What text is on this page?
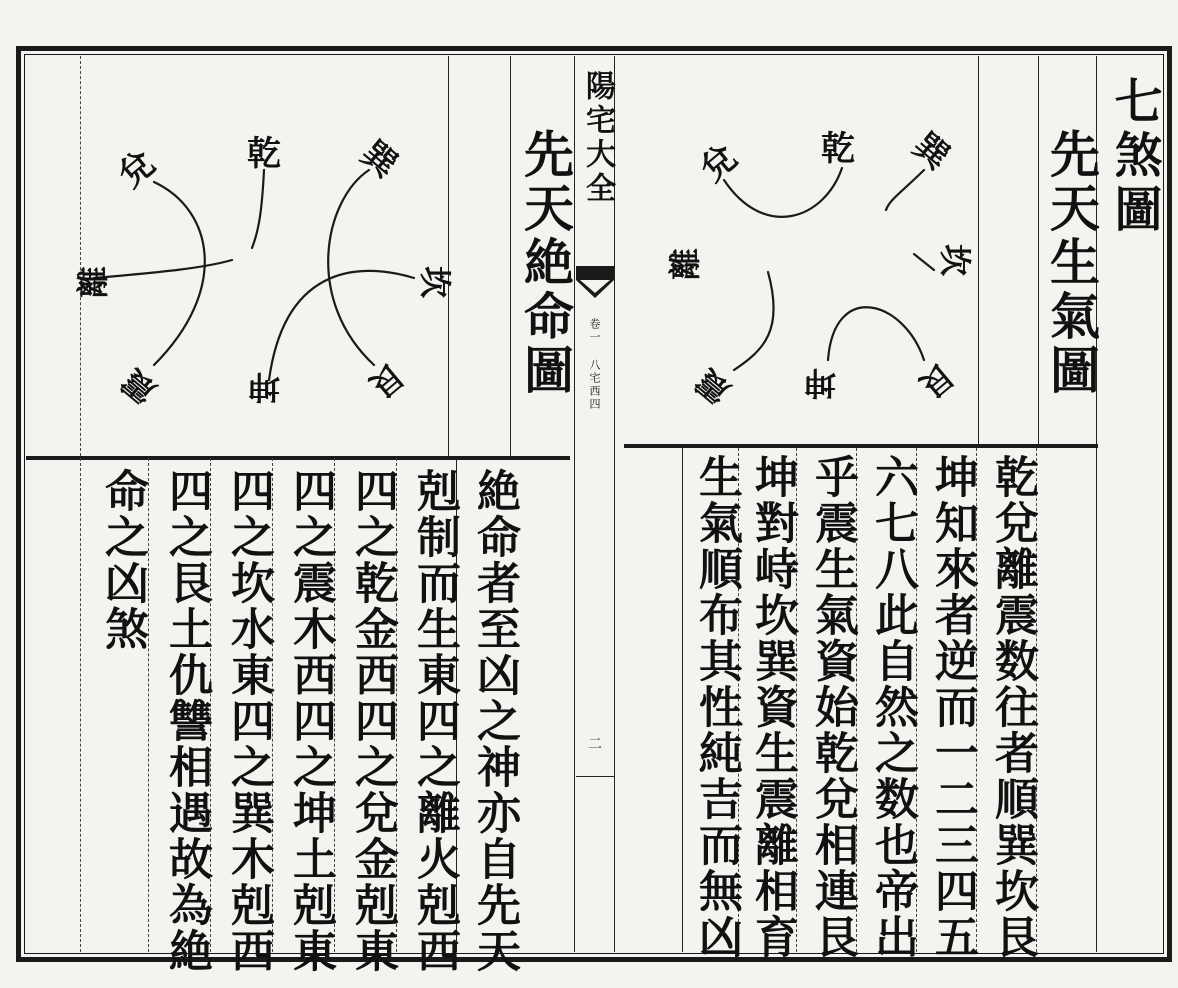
先天絶命圖
乾
兌	巽
離	坎
震	艮
坤
絶命者至凶之神亦自先天
剋制而生東四之離火剋西
四之乾金西四之兌金剋東
四之震木西四之坤土剋東
四之坎水東四之巽木剋西
四之艮土仇讐相遇故為絶
命之凶煞
陽宅大全
卷一 八宅西四
二
七煞圖
先天生氣圖
乾
兌	巽
離	坎
震	艮
坤
乾兌離震数往者順巽坎艮
坤知來者逆而一二三四五
六七八此自然之数也帝出
乎震生氣資始乾兌相連艮
坤對峙坎巽資生震離相育
生氣順布其性純吉而無凶
